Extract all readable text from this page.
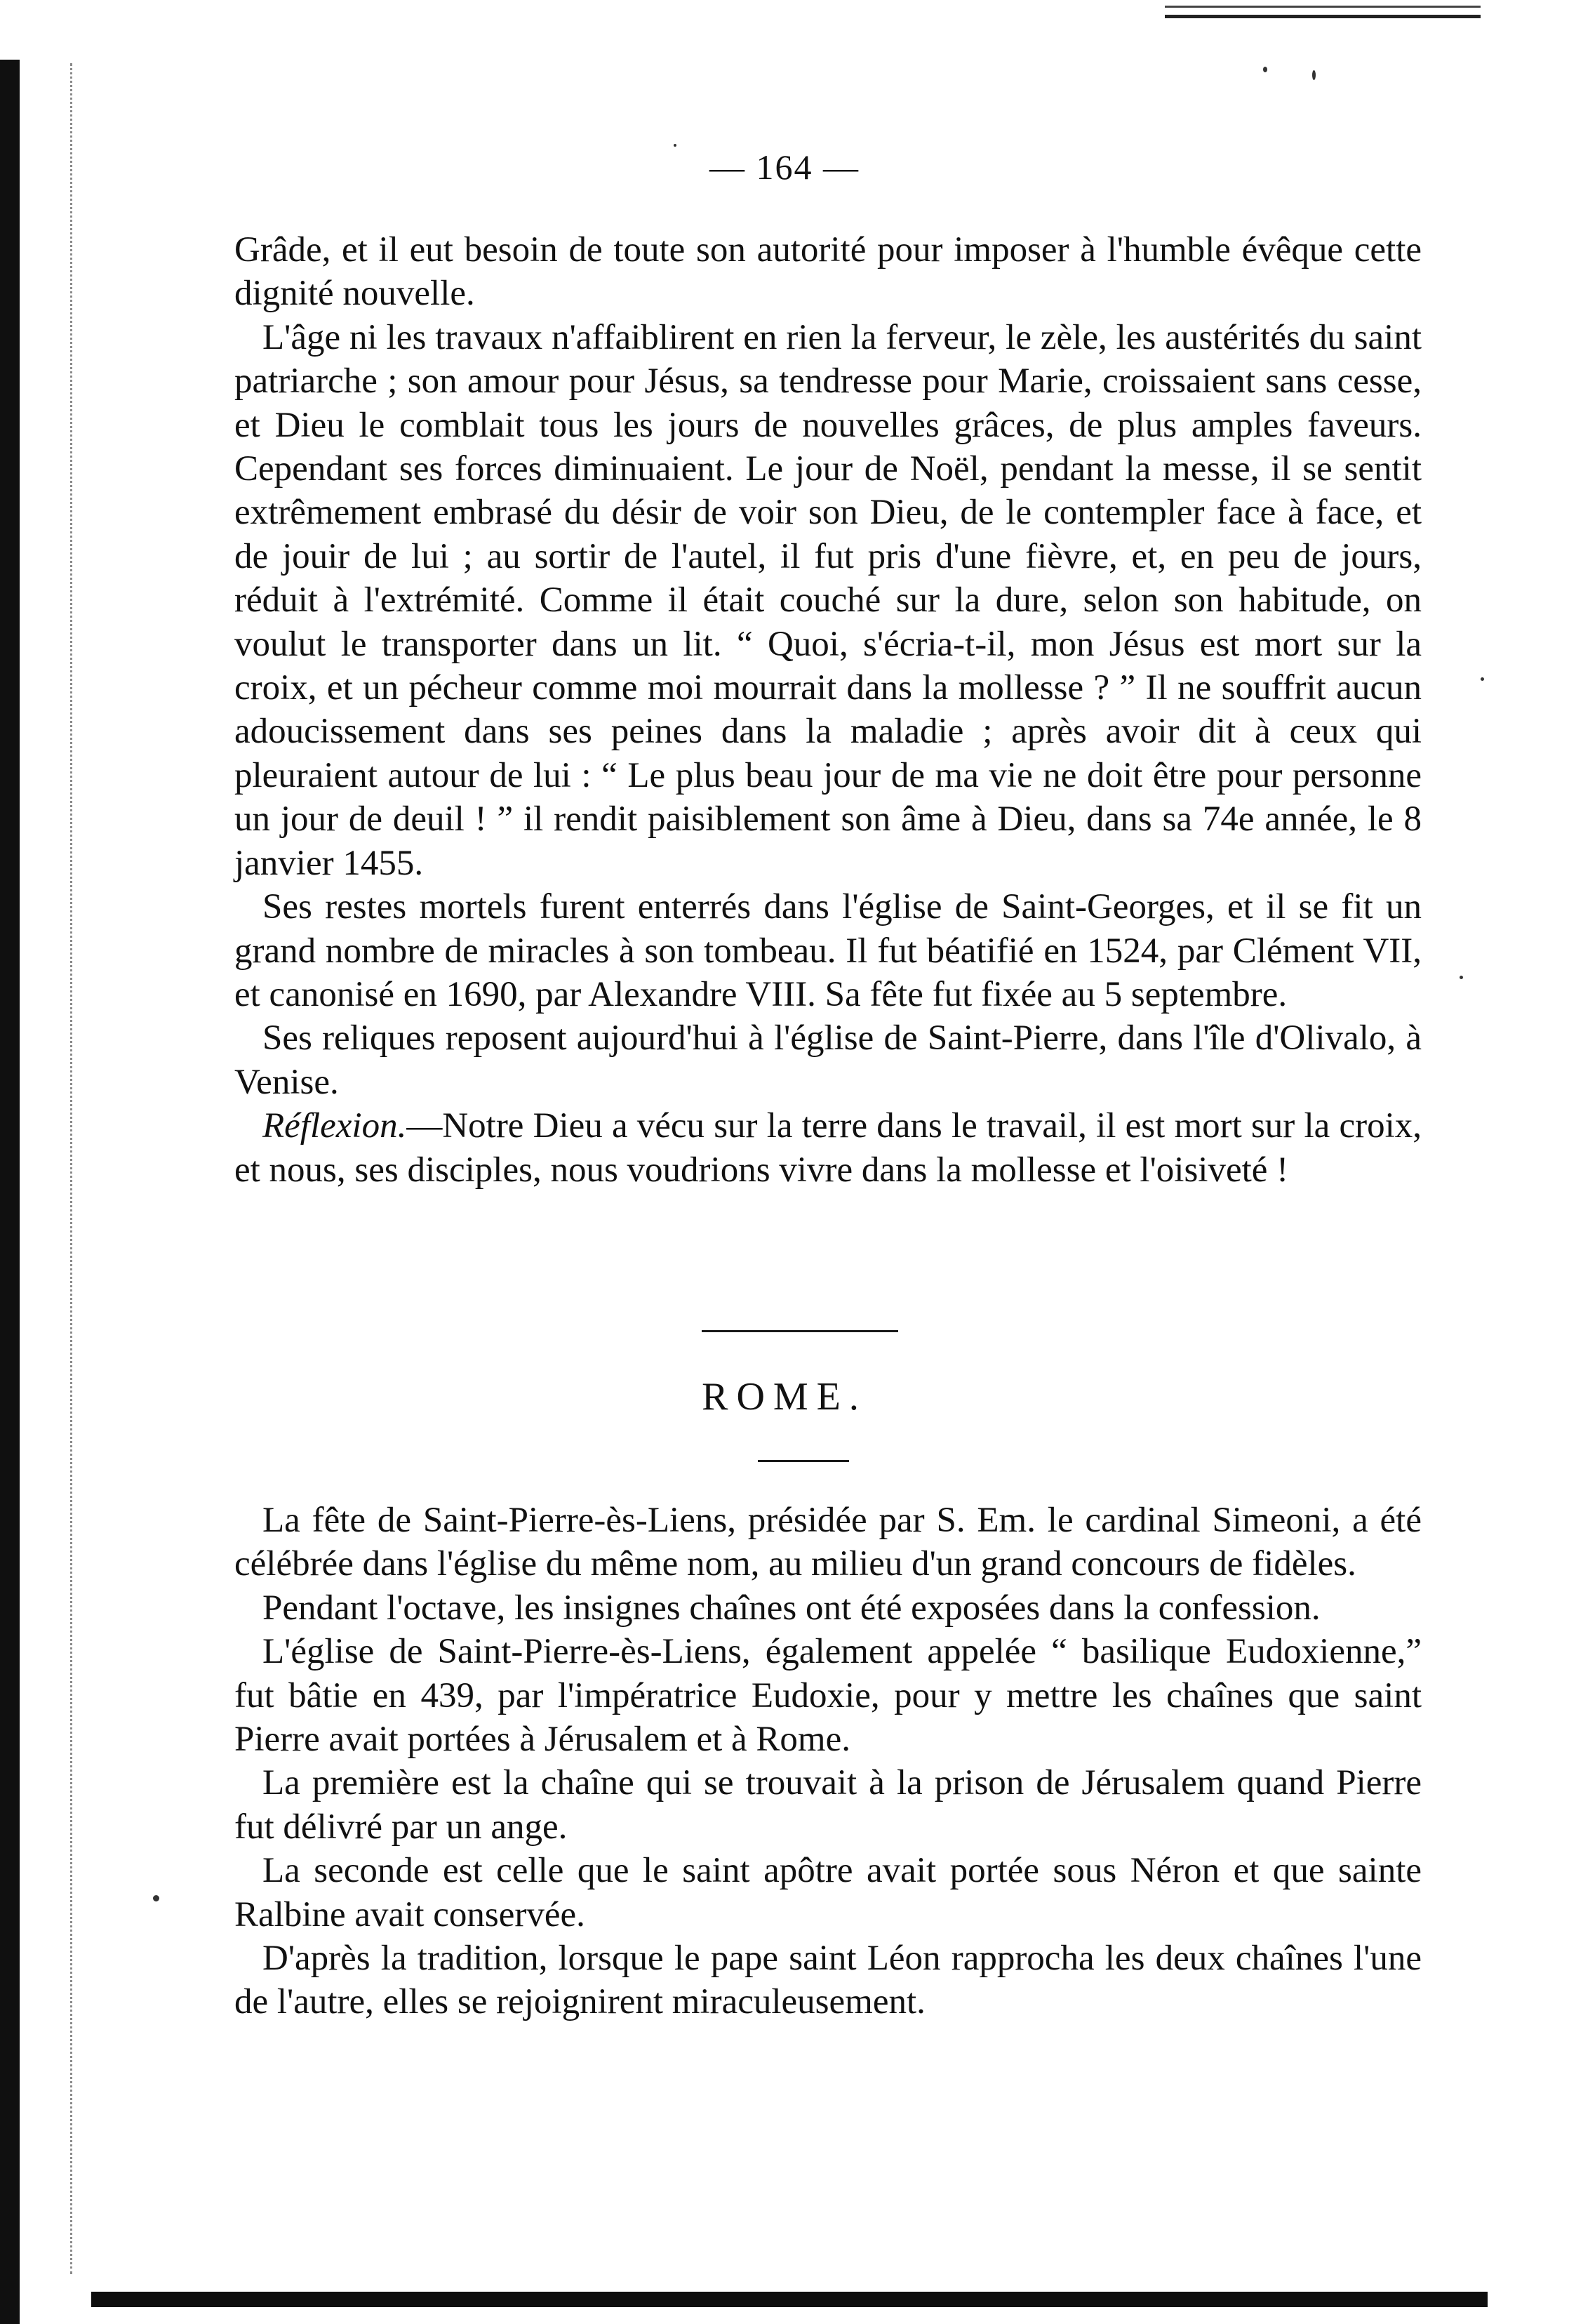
— 164 —

Grâde, et il eut besoin de toute son autorité pour imposer à l'humble évêque cette dignité nouvelle.

L'âge ni les travaux n'affaiblirent en rien la ferveur, le zèle, les austérités du saint patriarche ; son amour pour Jésus, sa tendresse pour Marie, croissaient sans cesse, et Dieu le comblait tous les jours de nouvelles grâces, de plus amples faveurs. Cependant ses forces diminuaient. Le jour de Noël, pendant la messe, il se sentit extrêmement embrasé du désir de voir son Dieu, de le contempler face à face, et de jouir de lui ; au sortir de l'autel, il fut pris d'une fièvre, et, en peu de jours, réduit à l'extrémité. Comme il était couché sur la dure, selon son habitude, on voulut le transporter dans un lit. “ Quoi, s'écria-t-il, mon Jésus est mort sur la croix, et un pécheur comme moi mourrait dans la mollesse ? ” Il ne souffrit aucun adoucissement dans ses peines dans la maladie ; après avoir dit à ceux qui pleuraient autour de lui : “ Le plus beau jour de ma vie ne doit être pour personne un jour de deuil ! ” il rendit paisiblement son âme à Dieu, dans sa 74e année, le 8 janvier 1455.

Ses restes mortels furent enterrés dans l'église de Saint-Georges, et il se fit un grand nombre de miracles à son tombeau. Il fut béatifié en 1524, par Clément VII, et canonisé en 1690, par Alexandre VIII. Sa fête fut fixée au 5 septembre.

Ses reliques reposent aujourd'hui à l'église de Saint-Pierre, dans l'île d'Olivalo, à Venise.

Réflexion.—Notre Dieu a vécu sur la terre dans le travail, il est mort sur la croix, et nous, ses disciples, nous voudrions vivre dans la mollesse et l'oisiveté !

ROME.

La fête de Saint-Pierre-ès-Liens, présidée par S. Em. le cardinal Simeoni, a été célébrée dans l'église du même nom, au milieu d'un grand concours de fidèles.

Pendant l'octave, les insignes chaînes ont été exposées dans la confession.

L'église de Saint-Pierre-ès-Liens, également appelée “ basilique Eudoxienne,” fut bâtie en 439, par l'impératrice Eudoxie, pour y mettre les chaînes que saint Pierre avait portées à Jérusalem et à Rome.

La première est la chaîne qui se trouvait à la prison de Jérusalem quand Pierre fut délivré par un ange.

La seconde est celle que le saint apôtre avait portée sous Néron et que sainte Ralbine avait conservée.

D'après la tradition, lorsque le pape saint Léon rapprocha les deux chaînes l'une de l'autre, elles se rejoignirent miraculeusement.
